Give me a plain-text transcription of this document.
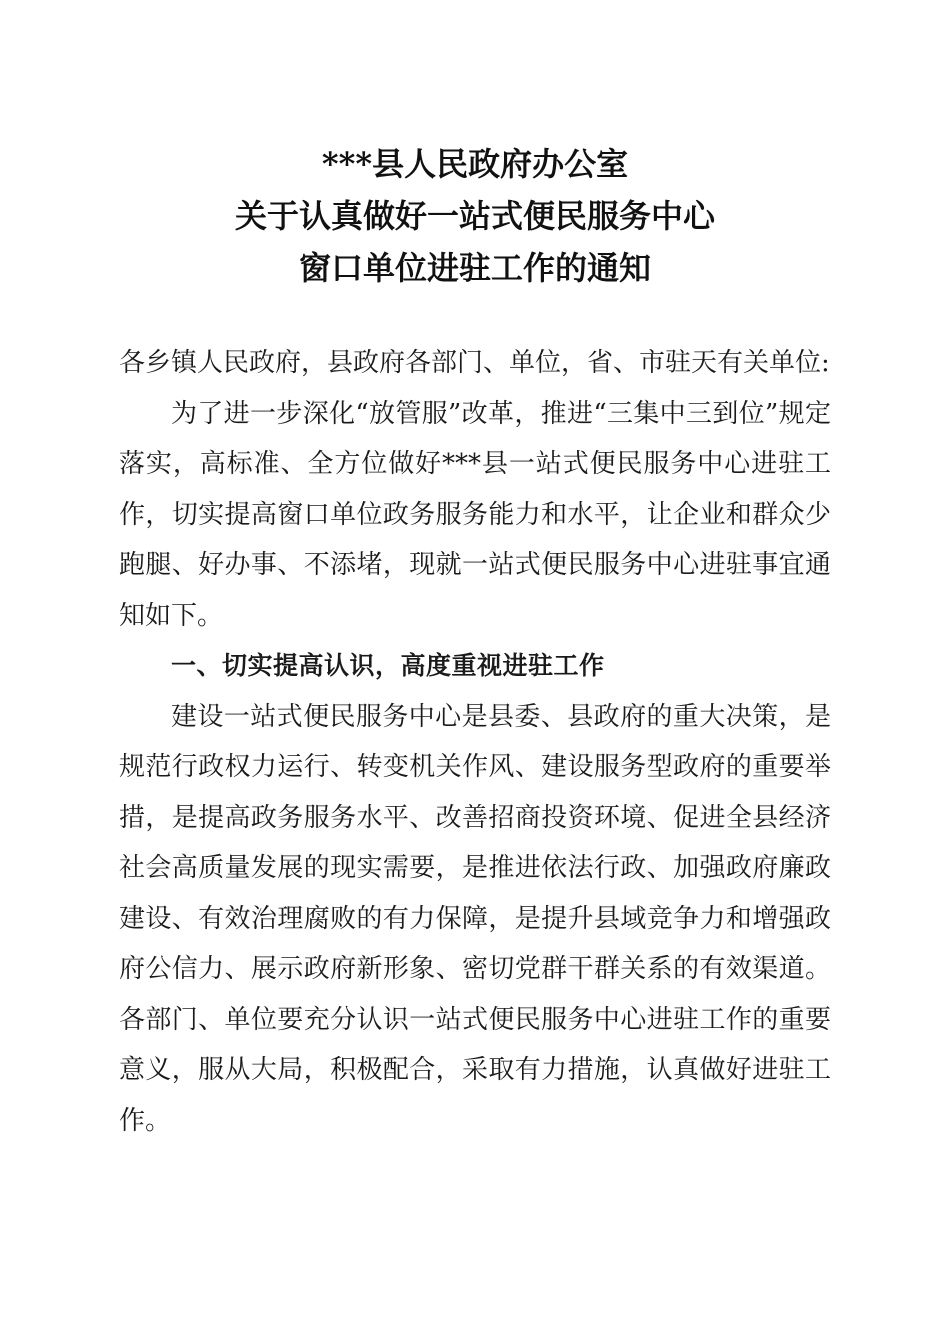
***县人民政府办公室
关于认真做好一站式便民服务中心
窗口单位进驻工作的通知

各乡镇人民政府，县政府各部门、单位，省、市驻天有关单位:

为了进一步深化“放管服”改革，推进“三集中三到位”规定落实，高标准、全方位做好***县一站式便民服务中心进驻工作，切实提高窗口单位政务服务能力和水平，让企业和群众少跑腿、好办事、不添堵，现就一站式便民服务中心进驻事宜通知如下。

一、切实提高认识，高度重视进驻工作

建设一站式便民服务中心是县委、县政府的重大决策，是规范行政权力运行、转变机关作风、建设服务型政府的重要举措，是提高政务服务水平、改善招商投资环境、促进全县经济社会高质量发展的现实需要，是推进依法行政、加强政府廉政建设、有效治理腐败的有力保障，是提升县域竞争力和增强政府公信力、展示政府新形象、密切党群干群关系的有效渠道。各部门、单位要充分认识一站式便民服务中心进驻工作的重要意义，服从大局，积极配合，采取有力措施，认真做好进驻工作。
